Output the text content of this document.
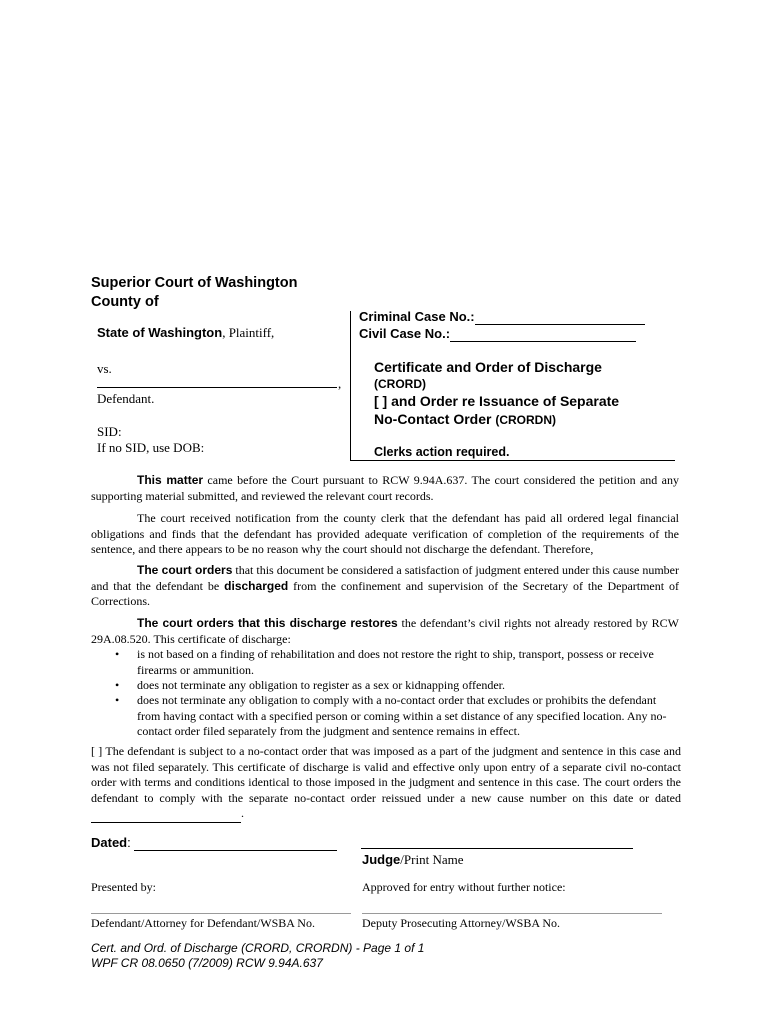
Superior Court of Washington
County of
State of Washington, Plaintiff,
vs.
,
Defendant.
SID:
If no SID, use DOB:
Criminal Case No.:
Civil Case No.:
Certificate and Order of Discharge
(CRORD)
[ ] and Order re Issuance of Separate
No-Contact Order (CRORDN)
Clerks action required.
This matter came before the Court pursuant to RCW 9.94A.637. The court considered the petition and any supporting material submitted, and reviewed the relevant court records.
The court received notification from the county clerk that the defendant has paid all ordered legal financial obligations and finds that the defendant has provided adequate verification of completion of the requirements of the sentence, and there appears to be no reason why the court should not discharge the defendant. Therefore,
The court orders that this document be considered a satisfaction of judgment entered under this cause number and that the defendant be discharged from the confinement and supervision of the Secretary of the Department of Corrections.
The court orders that this discharge restores the defendant’s civil rights not already restored by RCW 29A.08.520. This certificate of discharge:
• is not based on a finding of rehabilitation and does not restore the right to ship, transport, possess or receive firearms or ammunition.
• does not terminate any obligation to register as a sex or kidnapping offender.
• does not terminate any obligation to comply with a no-contact order that excludes or prohibits the defendant from having contact with a specified person or coming within a set distance of any specified location. Any no-contact order filed separately from the judgment and sentence remains in effect.
[ ] The defendant is subject to a no-contact order that was imposed as a part of the judgment and sentence in this case and was not filed separately. This certificate of discharge is valid and effective only upon entry of a separate civil no-contact order with terms and conditions identical to those imposed in the judgment and sentence in this case. The court orders the defendant to comply with the separate no-contact order reissued under a new cause number on this date or dated  .
Dated:
Judge/Print Name
Presented by:	Approved for entry without further notice:
Defendant/Attorney for Defendant/WSBA No.	Deputy Prosecuting Attorney/WSBA No.
Cert. and Ord. of Discharge (CRORD, CRORDN) - Page 1 of 1
WPF CR 08.0650 (7/2009) RCW 9.94A.637
